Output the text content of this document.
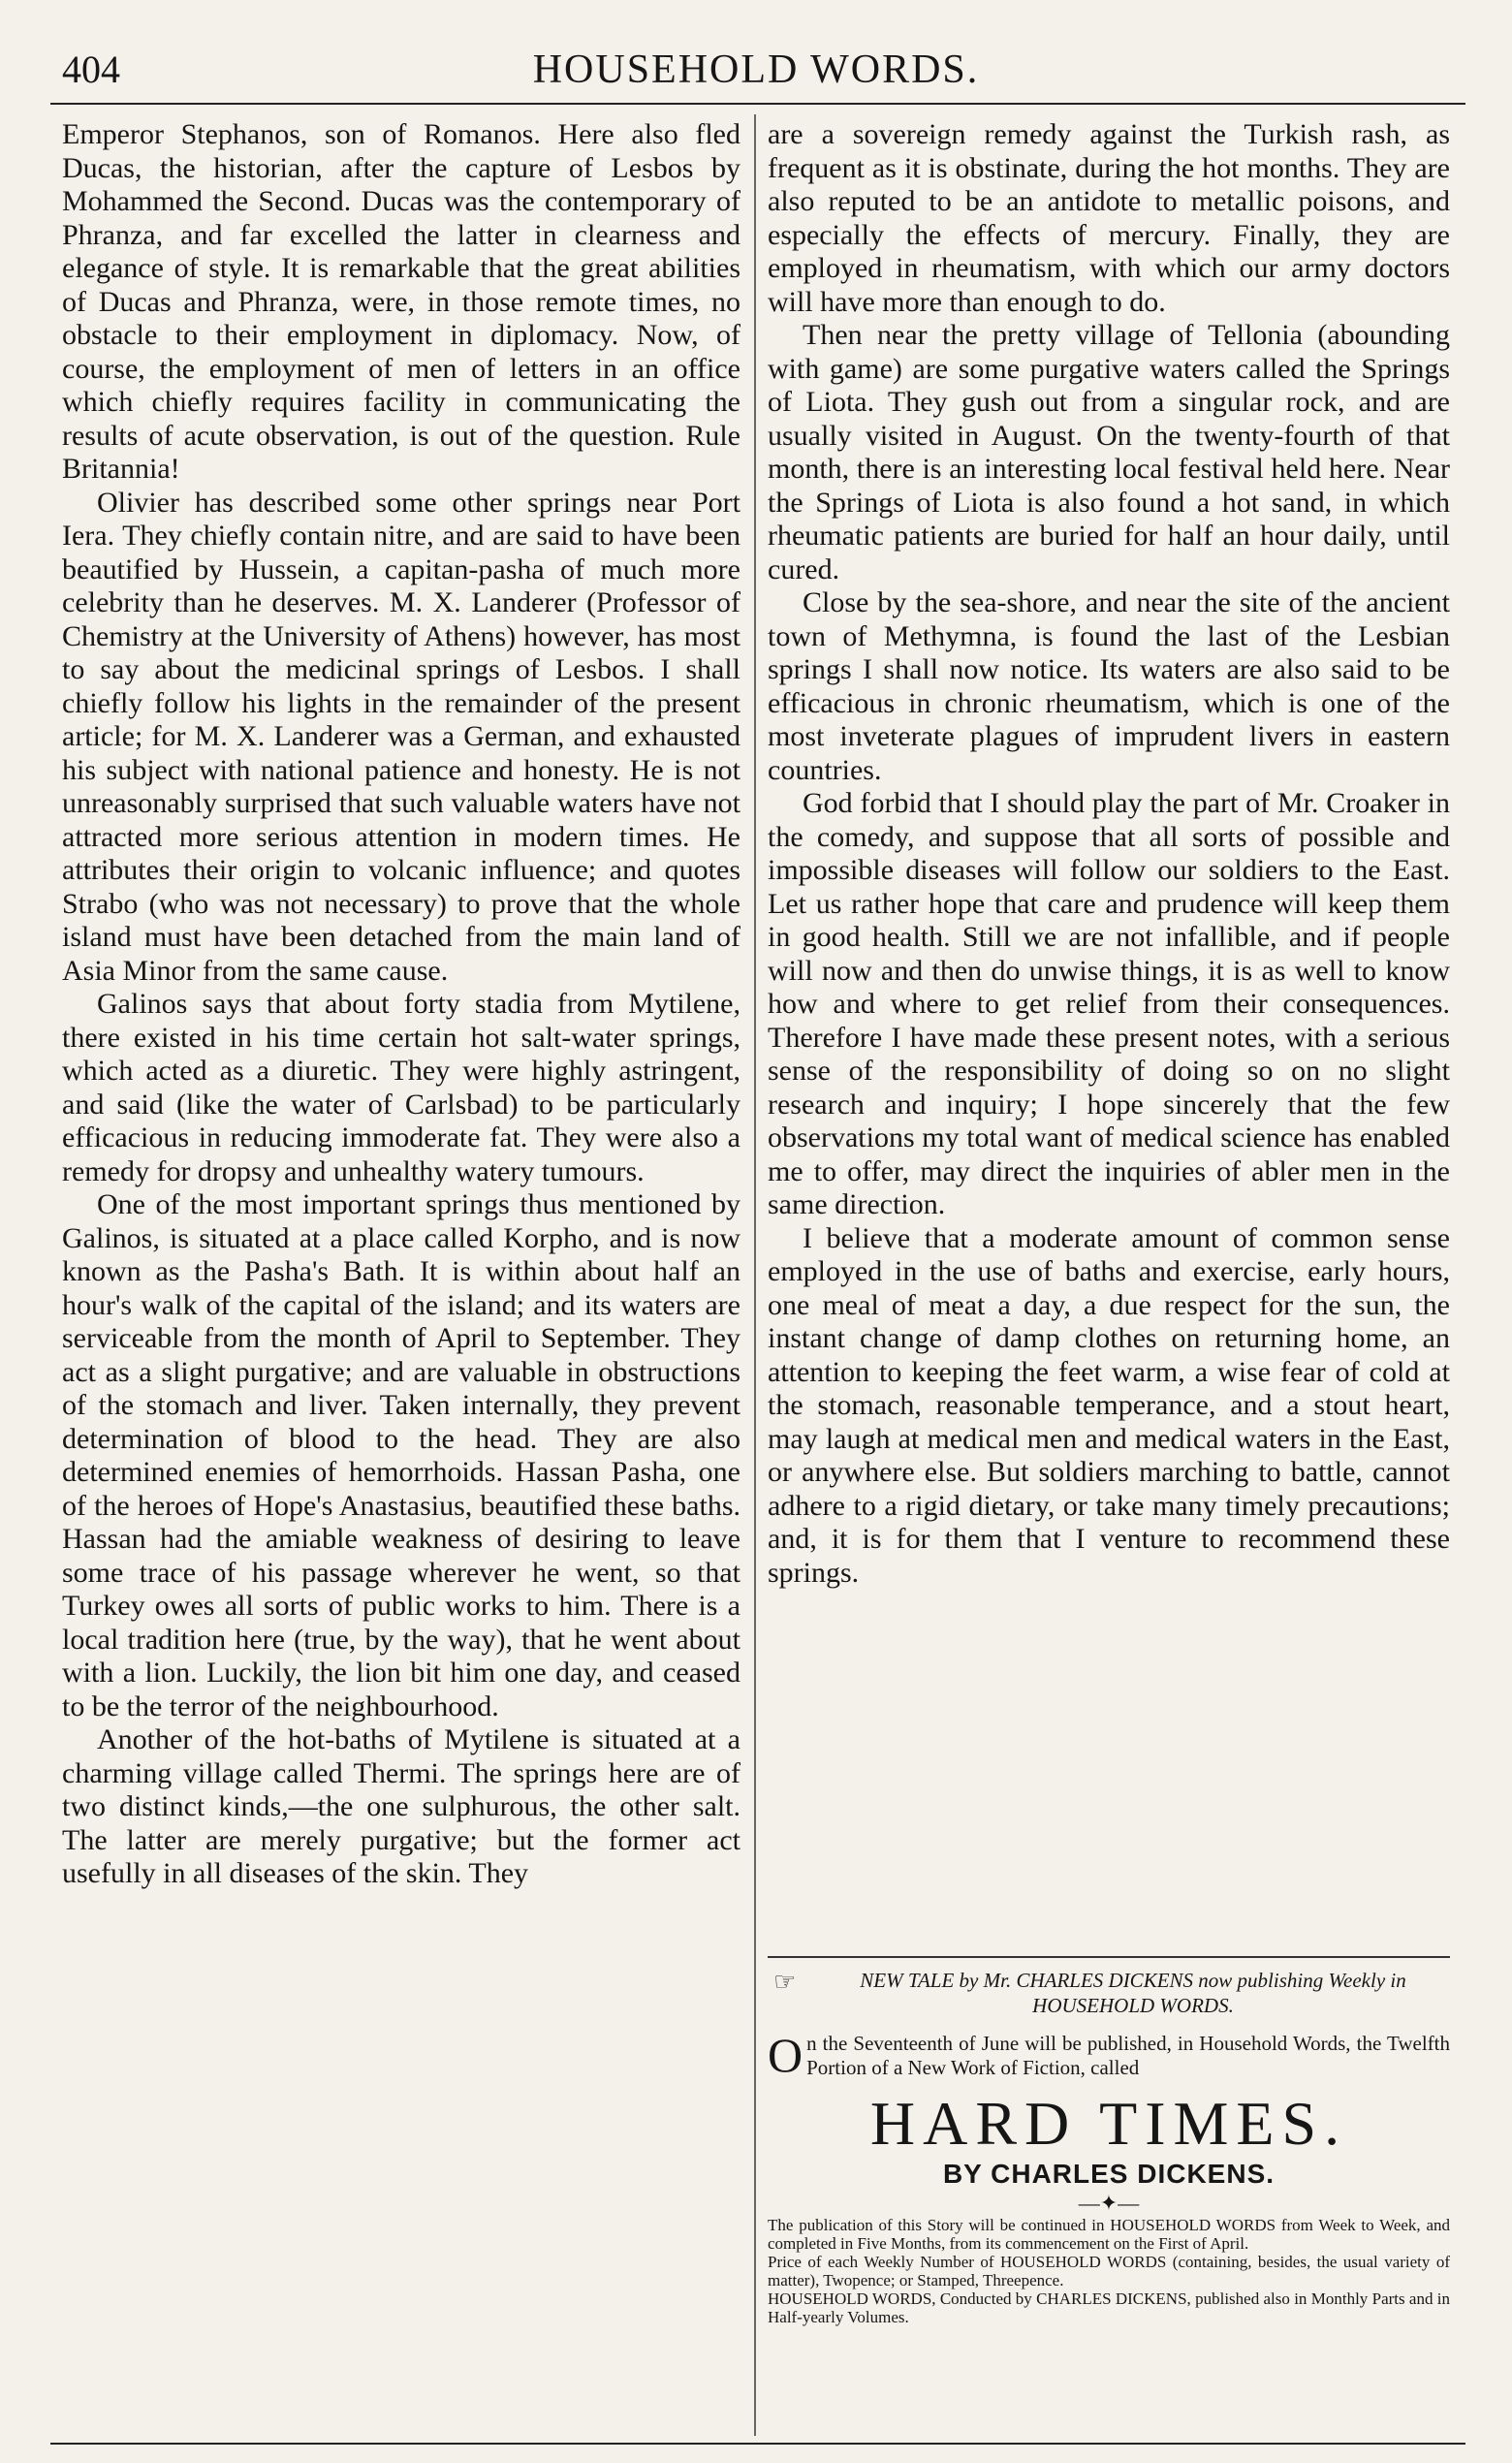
404	HOUSEHOLD WORDS.

Emperor Stephanos, son of Romanos. Here also fled Ducas, the historian, after the capture of Lesbos by Mohammed the Second. Ducas was the contemporary of Phranza, and far excelled the latter in clearness and elegance of style. It is remarkable that the great abilities of Ducas and Phranza, were, in those remote times, no obstacle to their employment in diplomacy. Now, of course, the employment of men of letters in an office which chiefly requires facility in communicating the results of acute observation, is out of the question. Rule Britannia!

Olivier has described some other springs near Port Iera. They chiefly contain nitre, and are said to have been beautified by Hussein, a capitan-pasha of much more celebrity than he deserves. M. X. Landerer (Professor of Chemistry at the University of Athens) however, has most to say about the medicinal springs of Lesbos. I shall chiefly follow his lights in the remainder of the present article; for M. X. Landerer was a German, and exhausted his subject with national patience and honesty. He is not unreasonably surprised that such valuable waters have not attracted more serious attention in modern times. He attributes their origin to volcanic influence; and quotes Strabo (who was not necessary) to prove that the whole island must have been detached from the main land of Asia Minor from the same cause.

Galinos says that about forty stadia from Mytilene, there existed in his time certain hot salt-water springs, which acted as a diuretic. They were highly astringent, and said (like the water of Carlsbad) to be particularly efficacious in reducing immoderate fat. They were also a remedy for dropsy and unhealthy watery tumours.

One of the most important springs thus mentioned by Galinos, is situated at a place called Korpho, and is now known as the Pasha's Bath. It is within about half an hour's walk of the capital of the island; and its waters are serviceable from the month of April to September. They act as a slight purgative; and are valuable in obstructions of the stomach and liver. Taken internally, they prevent determination of blood to the head. They are also determined enemies of hemorrhoids. Hassan Pasha, one of the heroes of Hope's Anastasius, beautified these baths. Hassan had the amiable weakness of desiring to leave some trace of his passage wherever he went, so that Turkey owes all sorts of public works to him. There is a local tradition here (true, by the way), that he went about with a lion. Luckily, the lion bit him one day, and ceased to be the terror of the neighbourhood.

Another of the hot-baths of Mytilene is situated at a charming village called Thermi. The springs here are of two distinct kinds,—the one sulphurous, the other salt. The latter are merely purgative; but the former act usefully in all diseases of the skin. They

are a sovereign remedy against the Turkish rash, as frequent as it is obstinate, during the hot months. They are also reputed to be an antidote to metallic poisons, and especially the effects of mercury. Finally, they are employed in rheumatism, with which our army doctors will have more than enough to do.

Then near the pretty village of Tellonia (abounding with game) are some purgative waters called the Springs of Liota. They gush out from a singular rock, and are usually visited in August. On the twenty-fourth of that month, there is an interesting local festival held here. Near the Springs of Liota is also found a hot sand, in which rheumatic patients are buried for half an hour daily, until cured.

Close by the sea-shore, and near the site of the ancient town of Methymna, is found the last of the Lesbian springs I shall now notice. Its waters are also said to be efficacious in chronic rheumatism, which is one of the most inveterate plagues of imprudent livers in eastern countries.

God forbid that I should play the part of Mr. Croaker in the comedy, and suppose that all sorts of possible and impossible diseases will follow our soldiers to the East. Let us rather hope that care and prudence will keep them in good health. Still we are not infallible, and if people will now and then do unwise things, it is as well to know how and where to get relief from their consequences. Therefore I have made these present notes, with a serious sense of the responsibility of doing so on no slight research and inquiry; I hope sincerely that the few observations my total want of medical science has enabled me to offer, may direct the inquiries of abler men in the same direction.

I believe that a moderate amount of common sense employed in the use of baths and exercise, early hours, one meal of meat a day, a due respect for the sun, the instant change of damp clothes on returning home, an attention to keeping the feet warm, a wise fear of cold at the stomach, reasonable temperance, and a stout heart, may laugh at medical men and medical waters in the East, or anywhere else. But soldiers marching to battle, cannot adhere to a rigid dietary, or take many timely precautions; and, it is for them that I venture to recommend these springs.

☞	NEW TALE by Mr. CHARLES DICKENS now publishing Weekly in HOUSEHOLD WORDS.
O n the Seventeenth of June will be published, in Household Words, the Twelfth Portion of a New Work of Fiction, called
HARD TIMES.
BY CHARLES DICKENS.
—✦—

The publication of this Story will be continued in HOUSEHOLD WORDS from Week to Week, and completed in Five Months, from its commencement on the First of April.

Price of each Weekly Number of HOUSEHOLD WORDS (containing, besides, the usual variety of matter), Twopence; or Stamped, Threepence.

HOUSEHOLD WORDS, Conducted by CHARLES DICKENS, published also in Monthly Parts and in Half-yearly Volumes.
